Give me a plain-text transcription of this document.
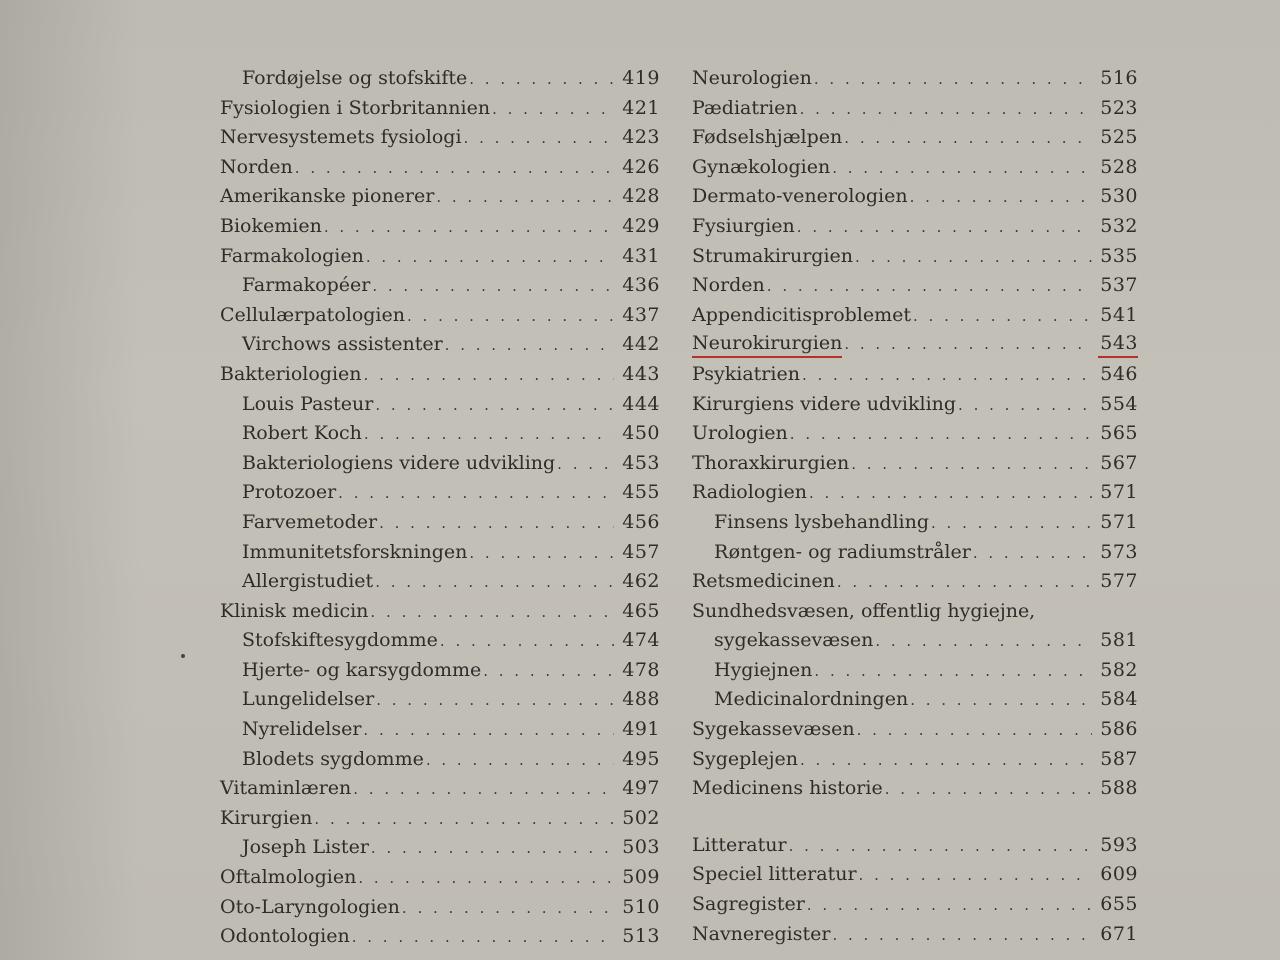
Fordøjelse og stofskifte . . .	419
Fysiologien i Storbritannien . . .	421
Nervesystemets fysiologi . . .	423
Norden . . .	426
Amerikanske pionerer . . .	428
Biokemien . . .	429
Farmakologien . . .	431
Farmakopéer . . .	436
Cellulærpatologien . . .	437
Virchows assistenter . . .	442
Bakteriologien . . .	443
Louis Pasteur . . .	444
Robert Koch . . .	450
Bakteriologiens videre udvikling . . .	453
Protozoer . . .	455
Farvemetoder . . .	456
Immunitetsforskningen . . .	457
Allergistudiet . . .	462
Klinisk medicin . . .	465
Stofskiftesygdomme . . .	474
Hjerte- og karsygdomme . . .	478
Lungelidelser . . .	488
Nyrelidelser . . .	491
Blodets sygdomme . . .	495
Vitaminlæren . . .	497
Kirurgien . . .	502
Joseph Lister . . .	503
Oftalmologien . . .	509
Oto-Laryngologien . . .	510
Odontologien . . .	513
Neurologien . . .	516
Pædiatrien . . .	523
Fødselshjælpen . . .	525
Gynækologien . . .	528
Dermato-venerologien . . .	530
Fysiurgien . . .	532
Strumakirurgien . . .	535
Norden . . .	537
Appendicitisproblemet . . .	541
Neurokirurgien . . .	543
Psykiatrien . . .	546
Kirurgiens videre udvikling . . .	554
Urologien . . .	565
Thoraxkirurgien . . .	567
Radiologien . . .	571
Finsens lysbehandling . . .	571
Røntgen- og radiumstråler . . .	573
Retsmedicinen . . .	577
Sundhedsvæsen, offentlig hygiejne,
sygekassevæsen . . .	581
Hygiejnen . . .	582
Medicinalordningen . . .	584
Sygekassevæsen . . .	586
Sygeplejen . . .	587
Medicinens historie . . .	588
Litteratur . . .	593
Speciel litteratur . . .	609
Sagregister . . .	655
Navneregister . . .	671
